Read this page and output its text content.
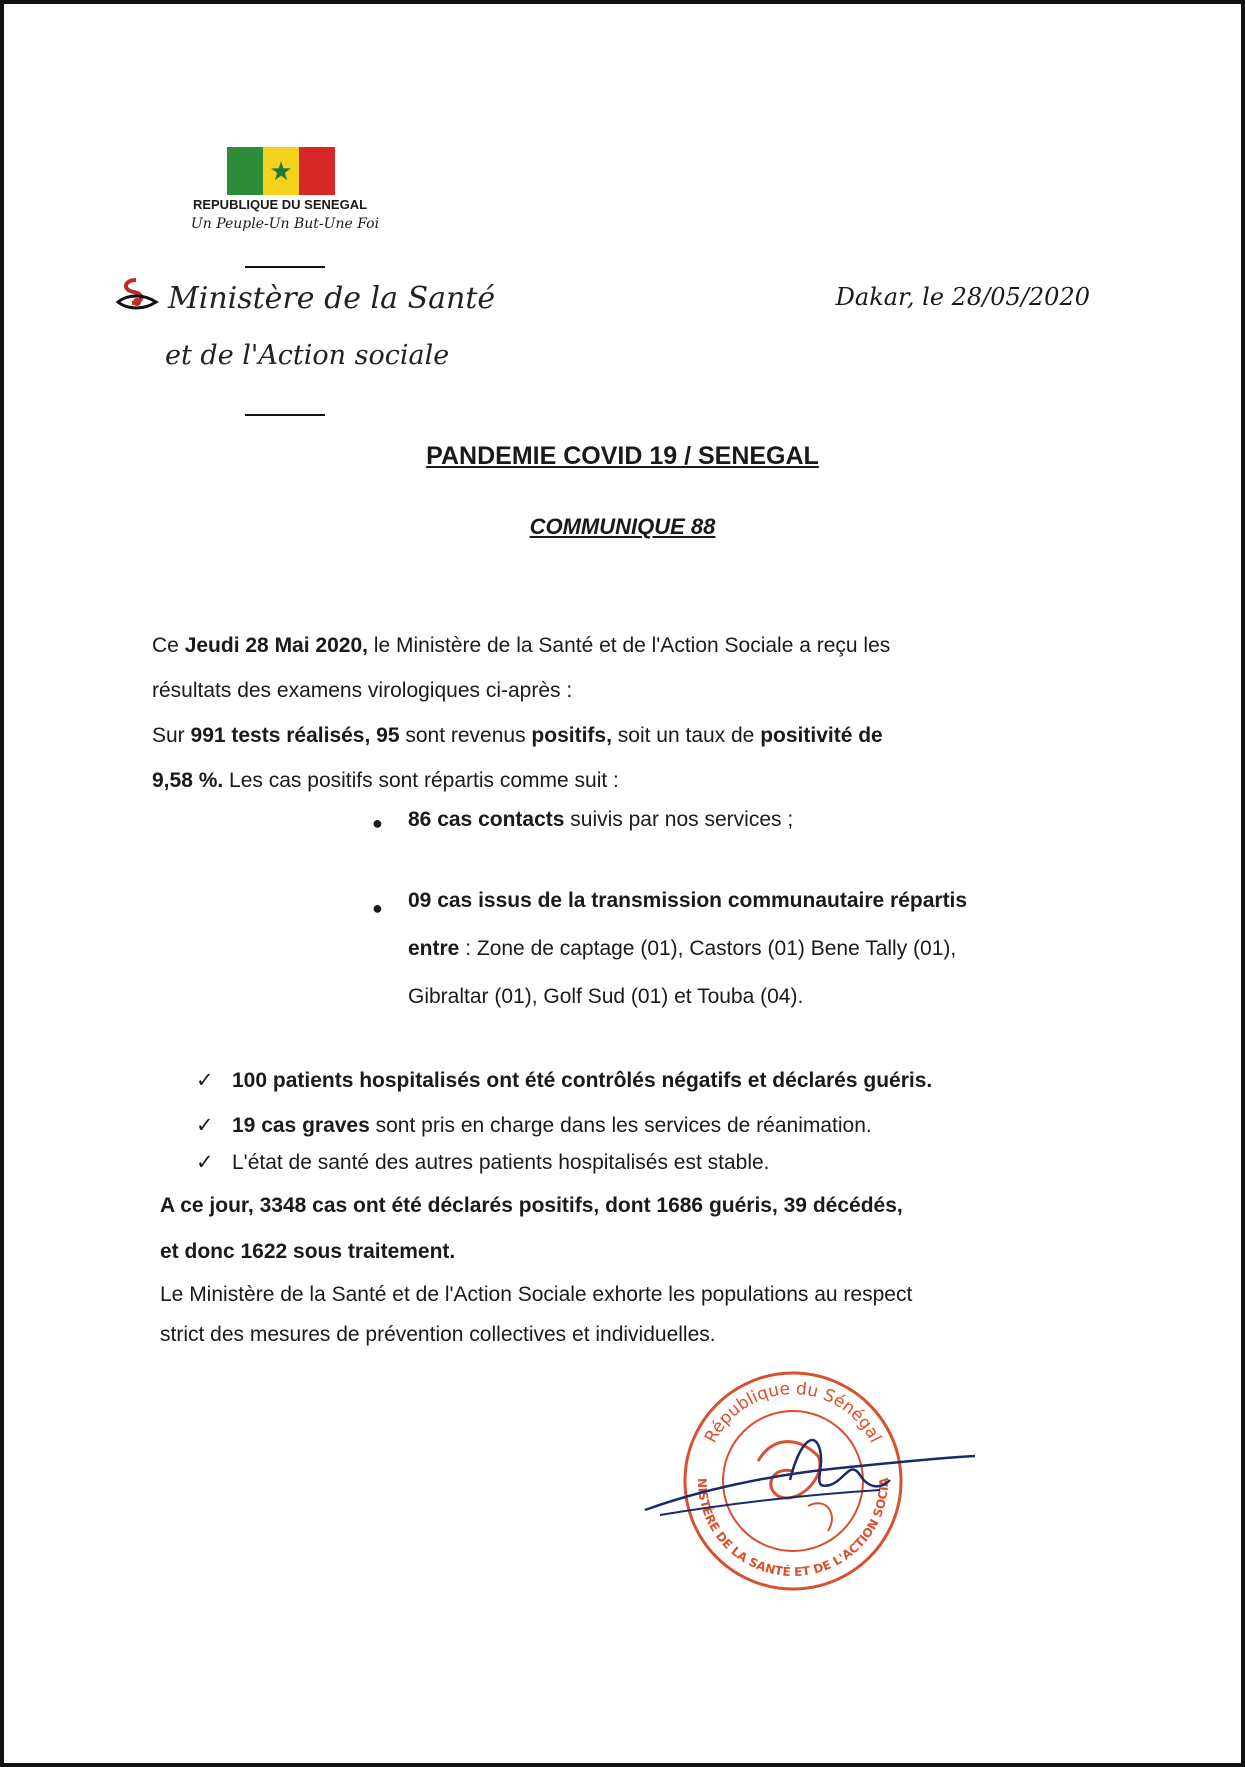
★
REPUBLIQUE DU SENEGAL
Un Peuple-Un But-Une Foi
Ministère de la Santé
et de l'Action sociale
Dakar, le 28/05/2020
PANDEMIE COVID 19 / SENEGAL
COMMUNIQUE 88
Ce Jeudi 28 Mai 2020, le Ministère de la Santé et de l'Action Sociale a reçu les
résultats des examens virologiques ci-après :
Sur 991 tests réalisés, 95 sont revenus positifs, soit un taux de positivité de
9,58 %. Les cas positifs sont répartis comme suit :
● 86 cas contacts suivis par nos services ;
● 09 cas issus de la transmission communautaire répartis
entre : Zone de captage (01), Castors (01) Bene Tally (01),
Gibraltar (01), Golf Sud (01) et Touba (04).
✓ 100 patients hospitalisés ont été contrôlés négatifs et déclarés guéris.
✓ 19 cas graves sont pris en charge dans les services de réanimation.
✓ L'état de santé des autres patients hospitalisés est stable.
A ce jour, 3348 cas ont été déclarés positifs, dont 1686 guéris, 39 décédés,
et donc 1622 sous traitement.
Le Ministère de la Santé et de l'Action Sociale exhorte les populations au respect
strict des mesures de prévention collectives et individuelles.
République du Sénégal
NISTÈRE DE LA SANTÉ ET DE L'ACTION SOCIA
